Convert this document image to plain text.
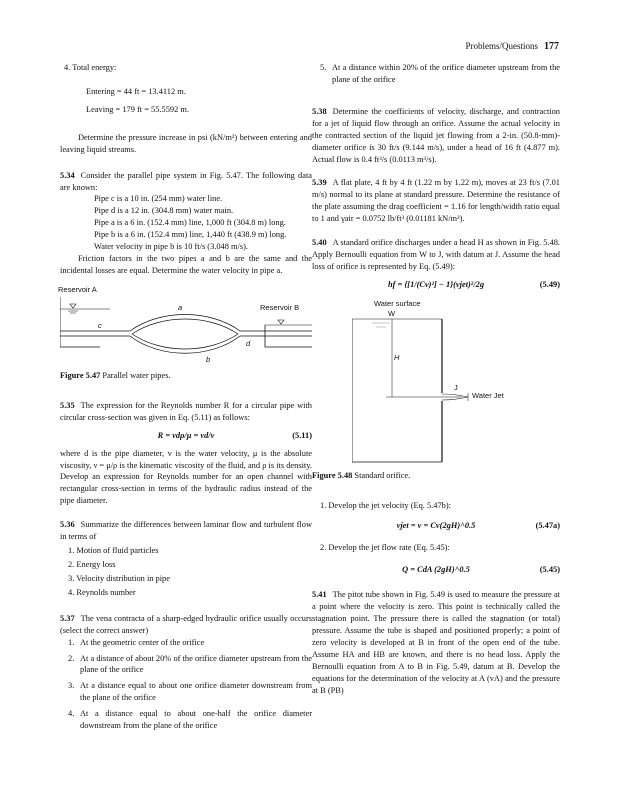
Problems/Questions 177

4. Total energy:

Entering = 44 ft = 13.4112 m.

Leaving = 179 ft = 55.5592 m.

Determine the pressure increase in psi (kN/m²) between entering and leaving liquid streams.

5.34 Consider the parallel pipe system in Fig. 5.47. The following data are known:

Pipe c is a 10 in. (254 mm) water line.

Pipe d is a 12 in. (304.8 mm) water main.

Pipe a is a 6 in. (152.4 mm) line, 1,000 ft (304.8 m) long.

Pipe b is a 6 in. (152.4 mm) line, 1,440 ft (438.9 m) long.

Water velocity in pipe b is 10 ft/s (3.048 m/s).

Friction factors in the two pipes a and b are the same and the incidental losses are equal. Determine the water velocity in pipe a.

Reservoir A
Reservoir B
a
c
d
b

Figure 5.47 Parallel water pipes.

5.35 The expression for the Reynolds number R for a circular pipe with circular cross-section was given in Eq. (5.11) as follows:

R = vdρ/μ = vd/ν	(5.11)

where d is the pipe diameter, v is the water velocity, μ is the absolute viscosity, ν = μ/ρ is the kinematic viscosity of the fluid, and ρ is its density. Develop an expression for Reynolds number for an open channel with rectangular cross-section in terms of the hydraulic radius instead of the pipe diameter.

5.36 Summarize the differences between laminar flow and turbulent flow in terms of

1. Motion of fluid particles

2. Energy loss

3. Velocity distribution in pipe

4. Reynolds number

5.37 The vena contracta of a sharp-edged hydraulic orifice usually occurs (select the correct answer)

1. At the geometric center of the orifice
2. At a distance of about 20% of the orifice diameter upstream from the plane of the orifice
3. At a distance equal to about one orifice diameter downstream from the plane of the orifice
4. At a distance equal to about one-half the orifice diameter downstream from the plane of the orifice
5. At a distance within 20% of the orifice diameter upstream from the plane of the orifice

5.38 Determine the coefficients of velocity, discharge, and contraction for a jet of liquid flow through an orifice. Assume the actual velocity in the contracted section of the liquid jet flowing from a 2-in. (50.8-mm)-diameter orifice is 30 ft/s (9.144 m/s), under a head of 16 ft (4.877 m). Actual flow is 0.4 ft³/s (0.0113 m³/s).

5.39 A flat plate, 4 ft by 4 ft (1.22 m by 1.22 m), moves at 23 ft/s (7.01 m/s) normal to its plane at standard pressure. Determine the resistance of the plate assuming the drag coefficient = 1.16 for length/width ratio equal to 1 and γair = 0.0752 lb/ft³ (0.01181 kN/m³).

5.40 A standard orifice discharges under a head H as shown in Fig. 5.48. Apply Bernoulli equation from W to J, with datum at J. Assume the head loss of orifice is represented by Eq. (5.49):

hf = {[1/(Cv)²] − 1}(vjet)²/2g	(5.49)
Water surface
W
H
J
Water Jet

Figure 5.48 Standard orifice.

1. Develop the jet velocity (Eq. 5.47b):

vjet = v = Cv(2gH)^0.5	(5.47a)

2. Develop the jet flow rate (Eq. 5.45):

Q = CdA (2gH)^0.5	(5.45)

5.41 The pitot tube shown in Fig. 5.49 is used to measure the pressure at a point where the velocity is zero. This point is technically called the stagnation point. The pressure there is called the stagnation (or total) pressure. Assume the tube is shaped and positioned properly; a point of zero velocity is developed at B in front of the open end of the tube. Assume HA and HB are known, and there is no head loss. Apply the Bernoulli equation from A to B in Fig. 5.49, datum at B. Develop the equations for the determination of the velocity at A (vA) and the pressure at B (PB)
